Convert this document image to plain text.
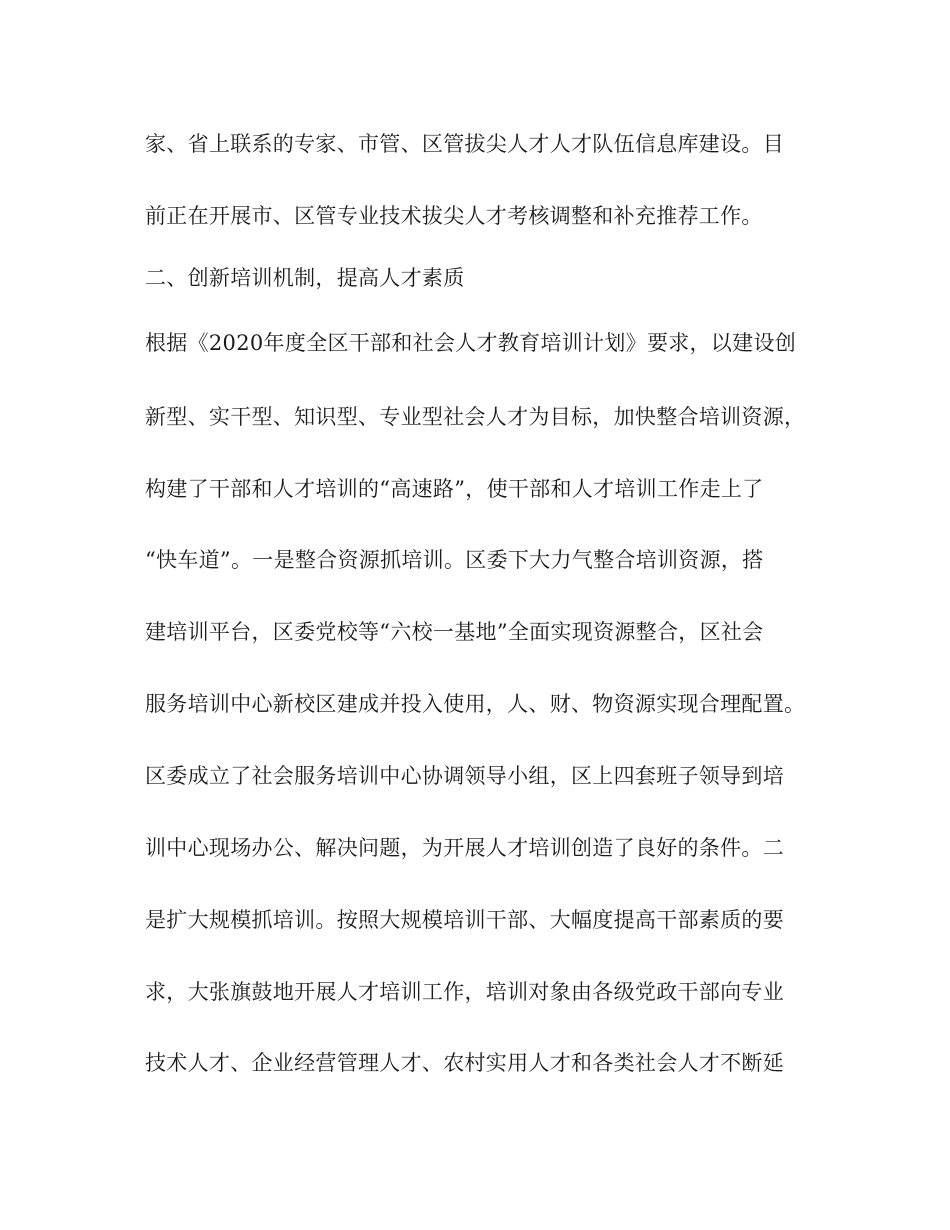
家、省上联系的专家、市管、区管拔尖人才人才队伍信息库建设。目
前正在开展市、区管专业技术拔尖人才考核调整和补充推荐工作。
二、创新培训机制，提高人才素质
根据《2020年度全区干部和社会人才教育培训计划》要求，以建设创
新型、实干型、知识型、专业型社会人才为目标，加快整合培训资源，
构建了干部和人才培训的“高速路”，使干部和人才培训工作走上了
“快车道”。一是整合资源抓培训。区委下大力气整合培训资源，搭
建培训平台，区委党校等“六校一基地”全面实现资源整合，区社会
服务培训中心新校区建成并投入使用，人、财、物资源实现合理配置。
区委成立了社会服务培训中心协调领导小组，区上四套班子领导到培
训中心现场办公、解决问题，为开展人才培训创造了良好的条件。二
是扩大规模抓培训。按照大规模培训干部、大幅度提高干部素质的要
求，大张旗鼓地开展人才培训工作，培训对象由各级党政干部向专业
技术人才、企业经营管理人才、农村实用人才和各类社会人才不断延
